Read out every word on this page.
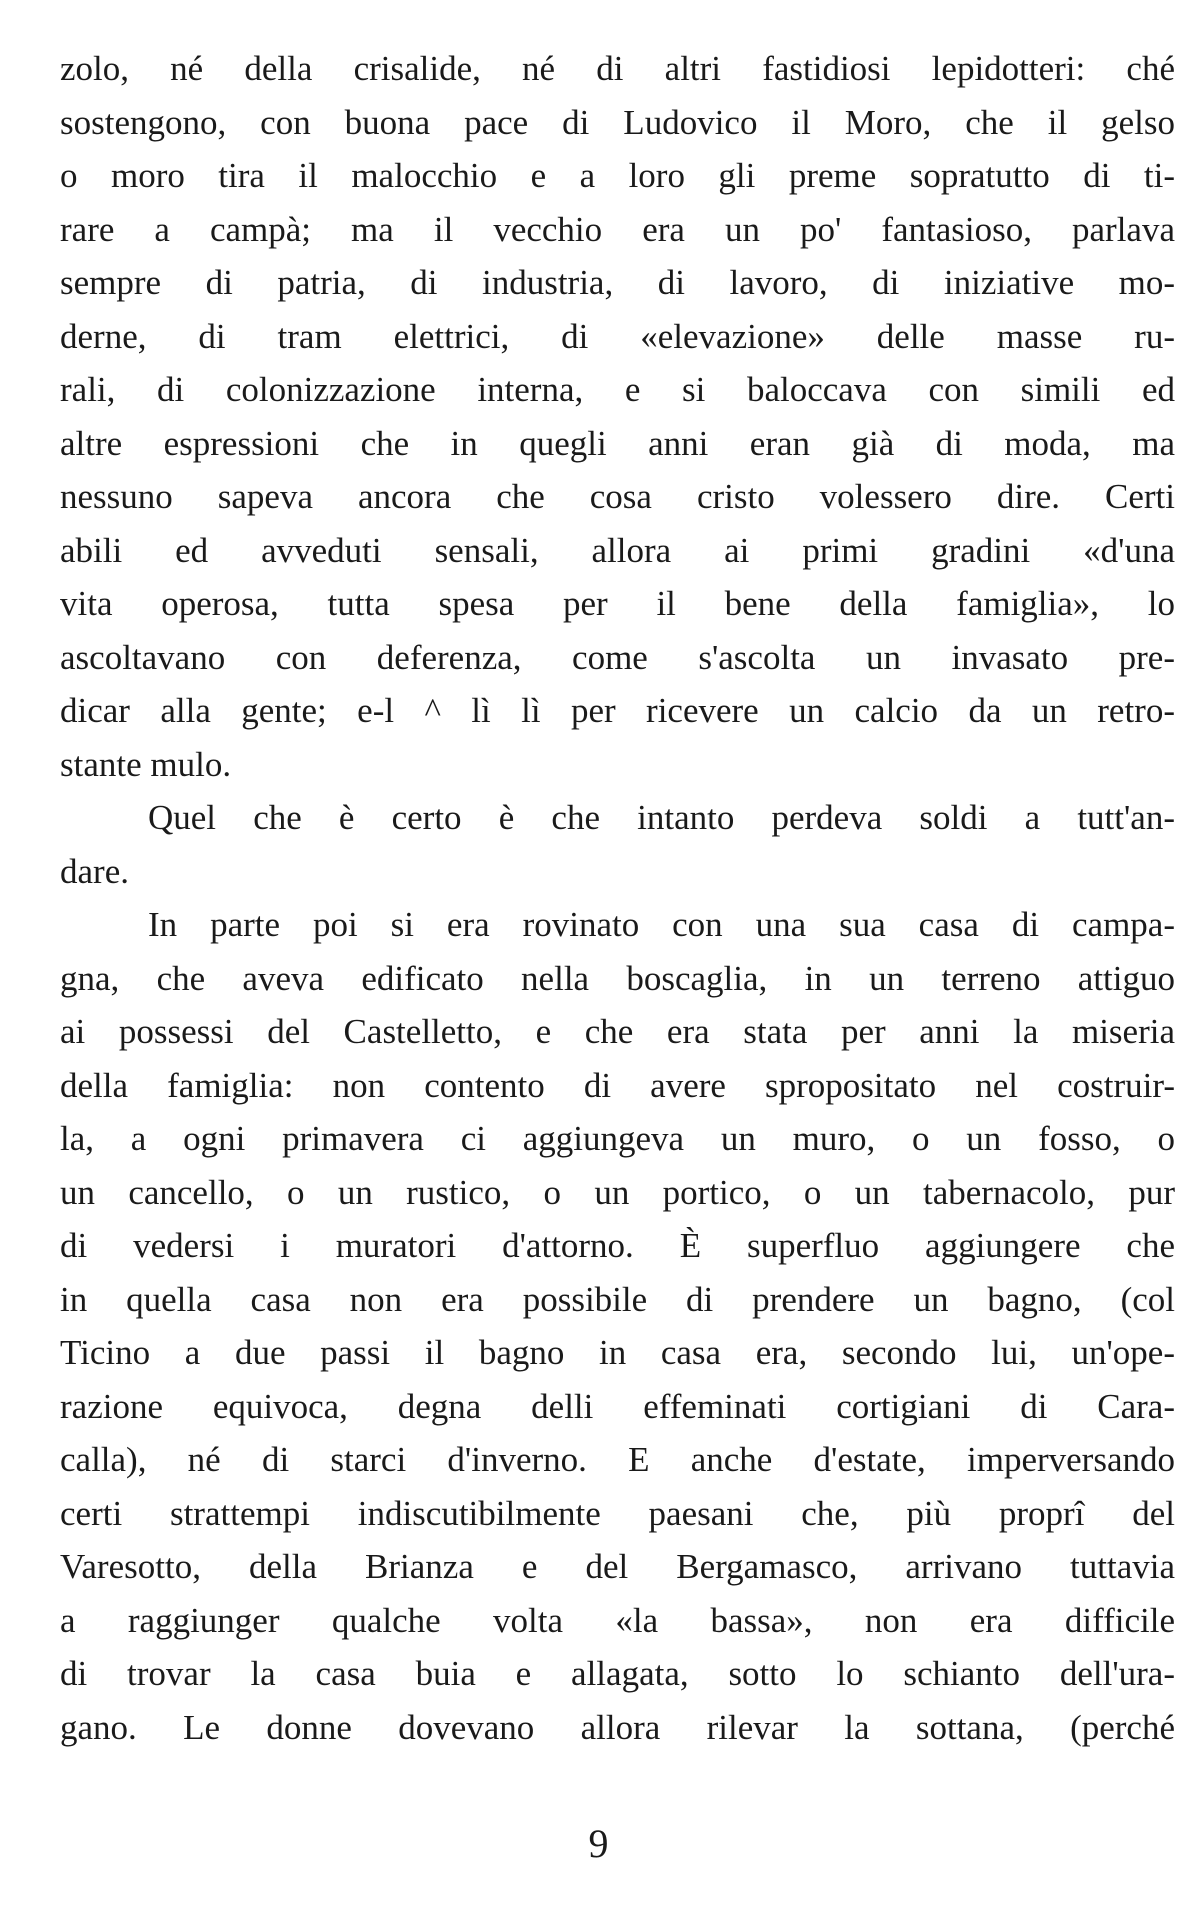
zolo, né della crisalide, né di altri fastidiosi lepidotteri: ché
sostengono, con buona pace di Ludovico il Moro, che il gelso
o moro tira il malocchio e a loro gli preme sopratutto di ti-
rare a campà; ma il vecchio era un po' fantasioso, parlava
sempre di patria, di industria, di lavoro, di iniziative mo-
derne, di tram elettrici, di «elevazione» delle masse ru-
rali, di colonizzazione interna, e si baloccava con simili ed
altre espressioni che in quegli anni eran già di moda, ma
nessuno sapeva ancora che cosa cristo volessero dire. Certi
abili ed avveduti sensali, allora ai primi gradini «d'una
vita operosa, tutta spesa per il bene della famiglia», lo
ascoltavano con deferenza, come s'ascolta un invasato pre-
dicar alla gente; e-l ^ lì lì per ricevere un calcio da un retro-
stante mulo.
Quel che è certo è che intanto perdeva soldi a tutt'an-
dare.
In parte poi si era rovinato con una sua casa di campa-
gna, che aveva edificato nella boscaglia, in un terreno attiguo
ai possessi del Castelletto, e che era stata per anni la miseria
della famiglia: non contento di avere spropositato nel costruir-
la, a ogni primavera ci aggiungeva un muro, o un fosso, o
un cancello, o un rustico, o un portico, o un tabernacolo, pur
di vedersi i muratori d'attorno. È superfluo aggiungere che
in quella casa non era possibile di prendere un bagno, (col
Ticino a due passi il bagno in casa era, secondo lui, un'ope-
razione equivoca, degna delli effeminati cortigiani di Cara-
calla), né di starci d'inverno. E anche d'estate, imperversando
certi strattempi indiscutibilmente paesani che, più proprî del
Varesotto, della Brianza e del Bergamasco, arrivano tuttavia
a raggiunger qualche volta «la bassa», non era difficile
di trovar la casa buia e allagata, sotto lo schianto dell'ura-
gano. Le donne dovevano allora rilevar la sottana, (perché
9
